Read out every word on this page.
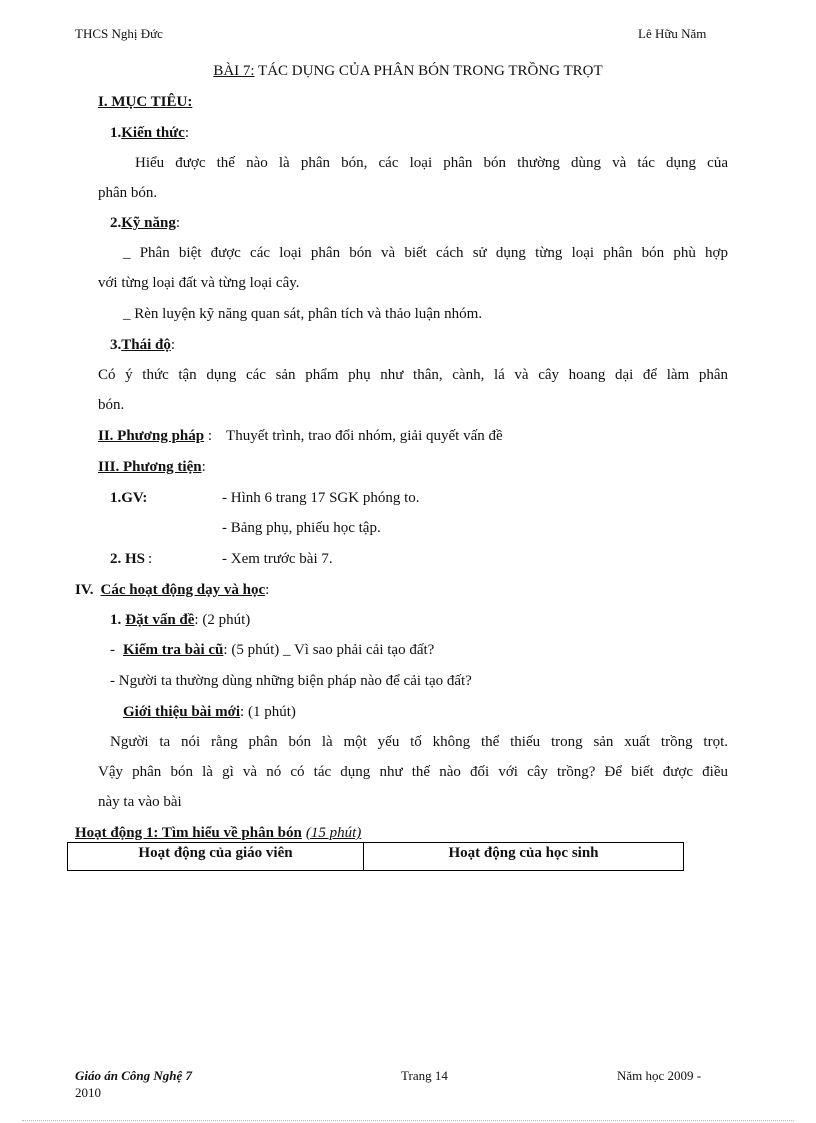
THCS Nghị Đức	Lê Hữu Năm
BÀI 7: TÁC DỤNG CỦA PHÂN BÓN TRONG TRỒNG TRỌT
I. MỤC TIÊU:
1.Kiến thức:
Hiểu được thế nào là phân bón, các loại phân bón thường dùng và tác dụng của
phân bón.
2.Kỹ năng:
_ Phân biệt được các loại phân bón và biết cách sử dụng từng loại phân bón phù hợp
với từng loại đất và từng loại cây.
_ Rèn luyện kỹ năng quan sát, phân tích và thảo luận nhóm.
3.Thái độ:
Có ý thức tận dụng các sản phẩm phụ như thân, cành, lá và cây hoang dại để làm phân
bón.
II. Phương pháp : Thuyết trình, trao đổi nhóm, giải quyết vấn đề
III. Phương tiện:
1.GV:	- Hình 6 trang 17 SGK phóng to.
- Bảng phụ, phiếu học tập.
2. HS :	- Xem trước bài 7.
IV. Các hoạt động dạy và học:
1. Đặt vấn đề: (2 phút)
- Kiểm tra bài cũ: (5 phút) _ Vì sao phải cải tạo đất?
- Người ta thường dùng những biện pháp nào để cải tạo đất?
Giới thiệu bài mới: (1 phút)
Người ta nói rằng phân bón là một yếu tố không thể thiếu trong sản xuất trồng trọt.
Vậy phân bón là gì và nó có tác dụng như thế nào đối với cây trồng? Để biết được điều
này ta vào bài
Hoạt động 1: Tìm hiểu về phân bón (15 phút)
Hoạt động của giáo viên	Hoạt động của học sinh
Giáo án Công Nghệ 7	Trang 14	Năm học 2009 -
2010
